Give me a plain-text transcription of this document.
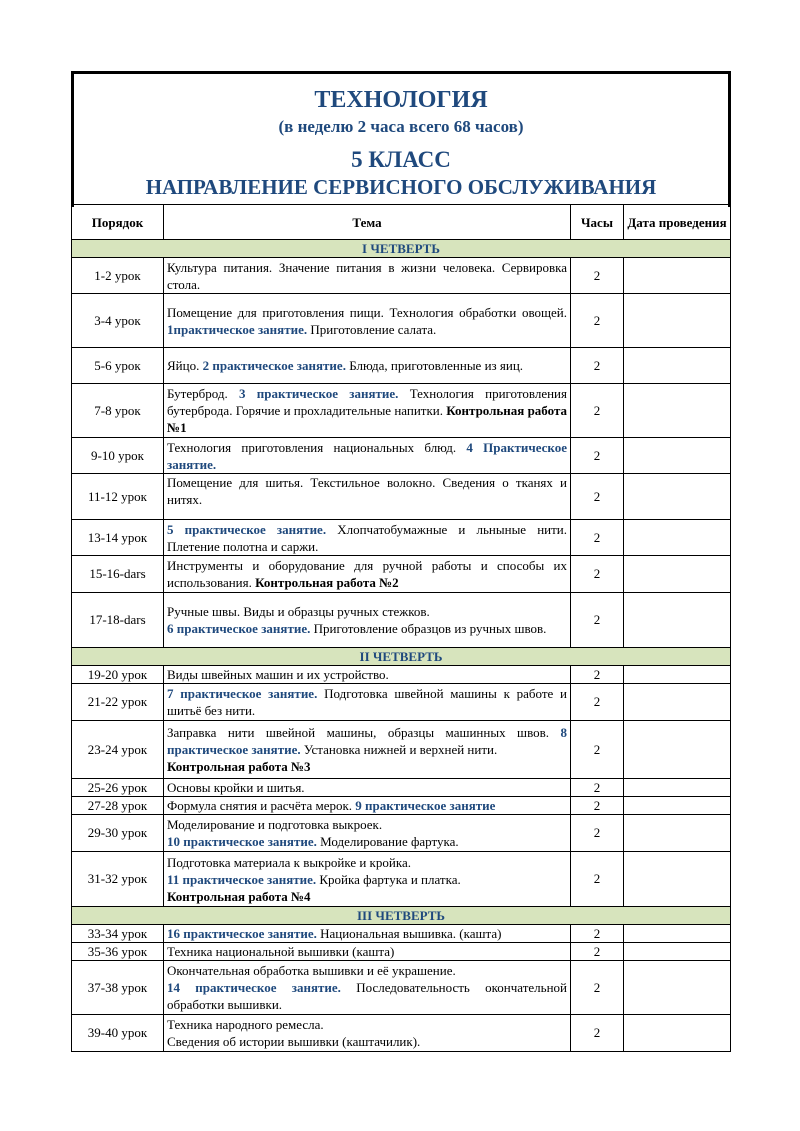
ТЕХНОЛОГИЯ
(в неделю 2 часа всего 68 часов)
5 КЛАСС
НАПРАВЛЕНИЕ СЕРВИСНОГО ОБСЛУЖИВАНИЯ
Порядок	Тема	Часы	Дата проведения
I ЧЕТВЕРТЬ			
1-2 урок	Культура питания. Значение питания в жизни человека. Сервировка стола.	2	
3-4 урок	Помещение для приготовления пищи. Технология обработки овощей. 1практическое занятие. Приготовление салата.	2	
5-6 урок	Яйцо. 2 практическое занятие. Блюда, приготовленные из яиц.	2	
7-8 урок	Бутерброд. 3 практическое занятие. Технология приготовления бутерброда. Горячие и прохладительные напитки. Контрольная работа №1	2	
9-10 урок	Технология приготовления национальных блюд. 4 Практическое занятие.	2	
11-12 урок	Помещение для шитья. Текстильное волокно. Сведения о тканях и нитях.	2	
13-14 урок	5 практическое занятие. Хлопчатобумажные и льныные нити. Плетение полотна и саржи.	2	
15-16-dars	Инструменты и оборудование для ручной работы и способы их использования. Контрольная работа №2	2	
17-18-dars	Ручные швы. Виды и образцы ручных стежков.
6 практическое занятие. Приготовление образцов из ручных швов.	2	
II ЧЕТВЕРТЬ			
19-20 урок	Виды швейных машин и их устройство.	2	
21-22 урок	7 практическое занятие. Подготовка швейной машины к работе и шитьё без нити.	2	
23-24 урок	Заправка нити швейной машины, образцы машинных швов. 8 практическое занятие. Установка нижней и верхней нити.
Контрольная работа №3	2	
25-26 урок	Основы кройки и шитья.	2	
27-28 урок	Формула снятия и расчёта мерок. 9 практическое занятие	2	
29-30 урок	Моделирование и подготовка выкроек.
10 практическое занятие. Моделирование фартука.	2	
31-32 урок	Подготовка материала к выкройке и кройка.
11 практическое занятие. Кройка фартука и платка.
Контрольная работа №4	2	
III ЧЕТВЕРТЬ			
33-34 урок	16 практическое занятие. Национальная вышивка. (кашта)	2	
35-36 урок	Техника национальной вышивки (кашта)	2	
37-38 урок	Окончательная обработка вышивки и её украшение.
14 практическое занятие. Последовательность окончательной обработки вышивки.	2	
39-40 урок	Техника народного ремесла.
Сведения об истории вышивки (каштачилик).	2	
